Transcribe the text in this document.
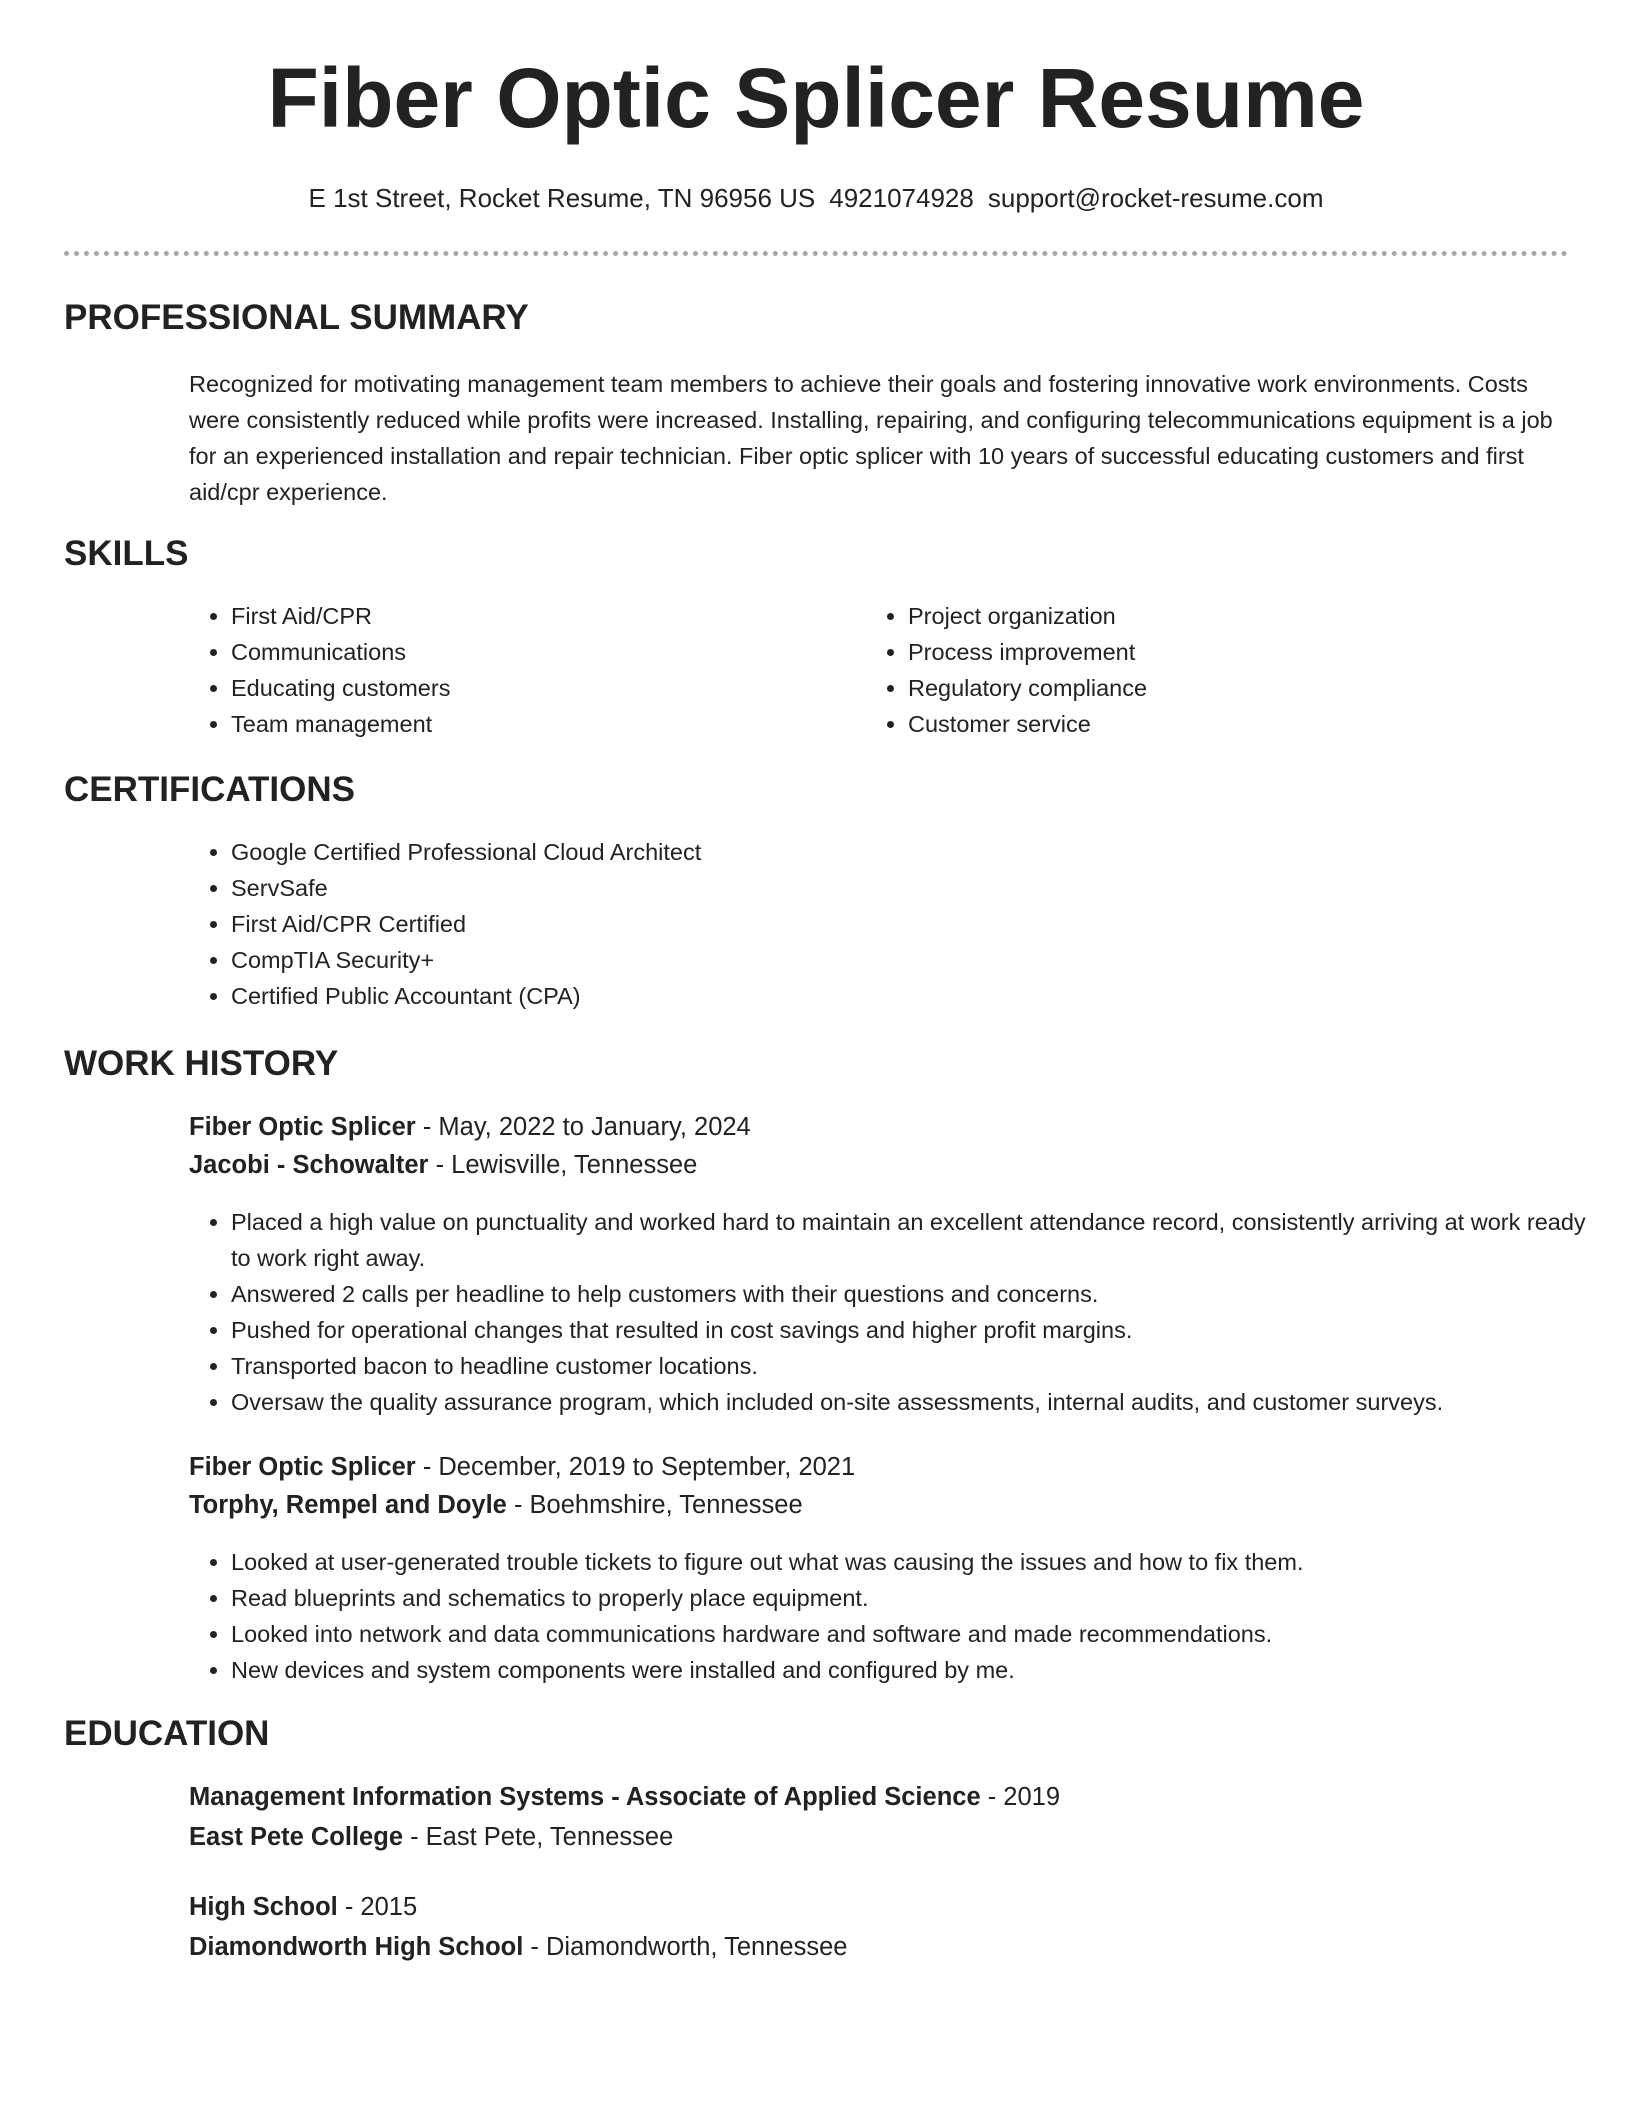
Fiber Optic Splicer Resume
E 1st Street, Rocket Resume, TN 96956 US 4921074928 support@rocket-resume.com
PROFESSIONAL SUMMARY

Recognized for motivating management team members to achieve their goals and fostering innovative work environments. Costs were consistently reduced while profits were increased. Installing, repairing, and configuring telecommunications equipment is a job for an experienced installation and repair technician. Fiber optic splicer with 10 years of successful educating customers and first aid/cpr experience.

SKILLS
• First Aid/CPR
• Communications
• Educating customers
• Team management
• Project organization
• Process improvement
• Regulatory compliance
• Customer service
CERTIFICATIONS
• Google Certified Professional Cloud Architect
• ServSafe
• First Aid/CPR Certified
• CompTIA Security+
• Certified Public Accountant (CPA)
WORK HISTORY
Fiber Optic Splicer - May, 2022 to January, 2024
Jacobi - Schowalter - Lewisville, Tennessee
• Placed a high value on punctuality and worked hard to maintain an excellent attendance record, consistently arriving at work ready to work right away.
• Answered 2 calls per headline to help customers with their questions and concerns.
• Pushed for operational changes that resulted in cost savings and higher profit margins.
• Transported bacon to headline customer locations.
• Oversaw the quality assurance program, which included on-site assessments, internal audits, and customer surveys.
Fiber Optic Splicer - December, 2019 to September, 2021
Torphy, Rempel and Doyle - Boehmshire, Tennessee
• Looked at user-generated trouble tickets to figure out what was causing the issues and how to fix them.
• Read blueprints and schematics to properly place equipment.
• Looked into network and data communications hardware and software and made recommendations.
• New devices and system components were installed and configured by me.
EDUCATION
Management Information Systems - Associate of Applied Science - 2019
East Pete College - East Pete, Tennessee
High School - 2015
Diamondworth High School - Diamondworth, Tennessee
